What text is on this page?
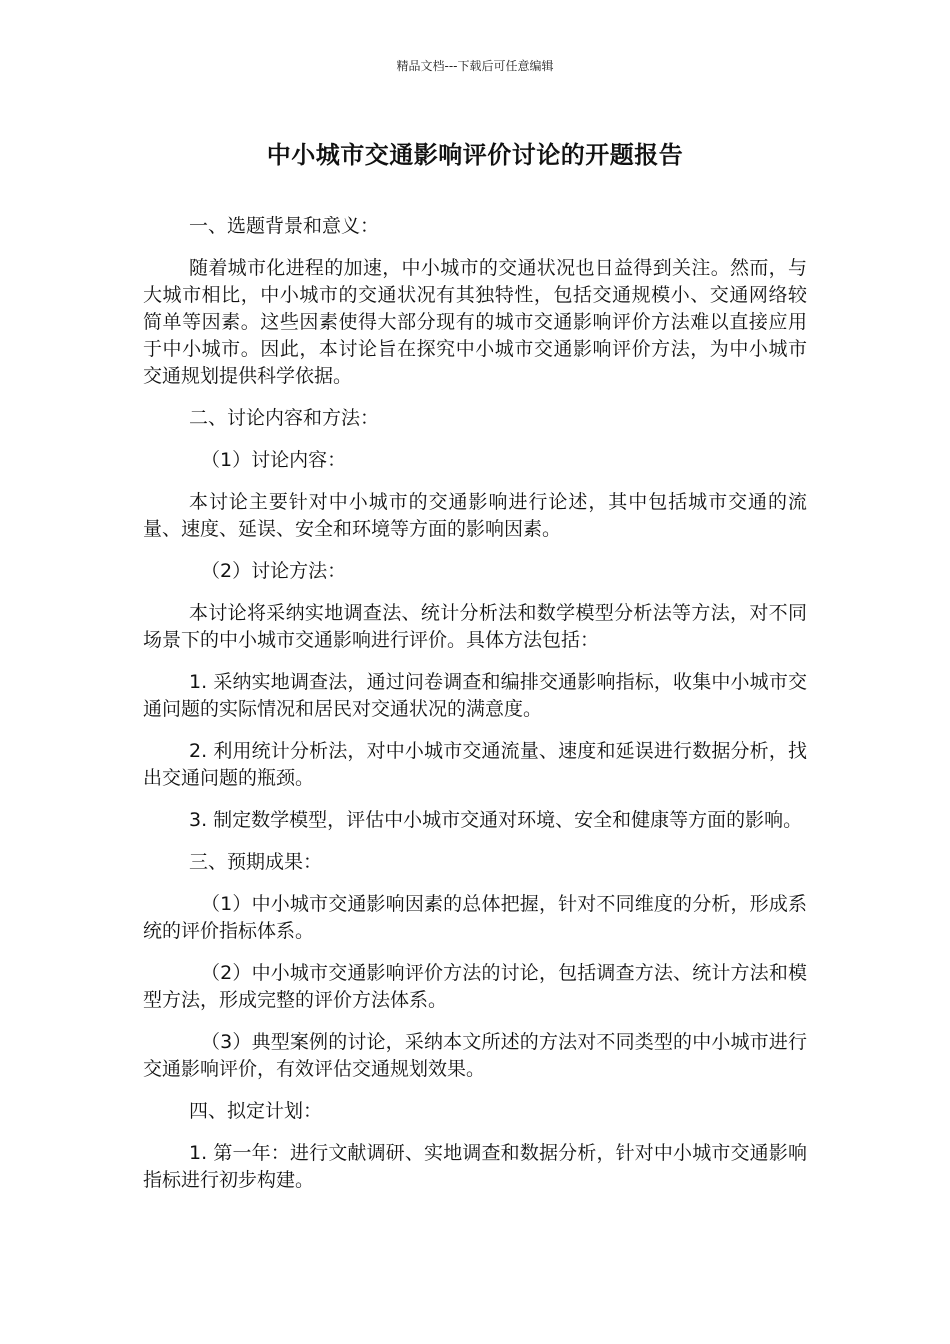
精品文档---下载后可任意编辑
中小城市交通影响评价讨论的开题报告

一、选题背景和意义：

随着城市化进程的加速，中小城市的交通状况也日益得到关注。然而，与大城市相比，中小城市的交通状况有其独特性，包括交通规模小、交通网络较简单等因素。这些因素使得大部分现有的城市交通影响评价方法难以直接应用于中小城市。因此，本讨论旨在探究中小城市交通影响评价方法，为中小城市交通规划提供科学依据。

二、讨论内容和方法：

（1）讨论内容：

本讨论主要针对中小城市的交通影响进行论述，其中包括城市交通的流量、速度、延误、安全和环境等方面的影响因素。

（2）讨论方法：

本讨论将采纳实地调查法、统计分析法和数学模型分析法等方法，对不同场景下的中小城市交通影响进行评价。具体方法包括：

1. 采纳实地调查法，通过问卷调查和编排交通影响指标，收集中小城市交通问题的实际情况和居民对交通状况的满意度。

2. 利用统计分析法，对中小城市交通流量、速度和延误进行数据分析，找出交通问题的瓶颈。

3. 制定数学模型，评估中小城市交通对环境、安全和健康等方面的影响。

三、预期成果：

（1）中小城市交通影响因素的总体把握，针对不同维度的分析，形成系统的评价指标体系。

（2）中小城市交通影响评价方法的讨论，包括调查方法、统计方法和模型方法，形成完整的评价方法体系。

（3）典型案例的讨论，采纳本文所述的方法对不同类型的中小城市进行交通影响评价，有效评估交通规划效果。

四、拟定计划：

1. 第一年：进行文献调研、实地调查和数据分析，针对中小城市交通影响指标进行初步构建。
